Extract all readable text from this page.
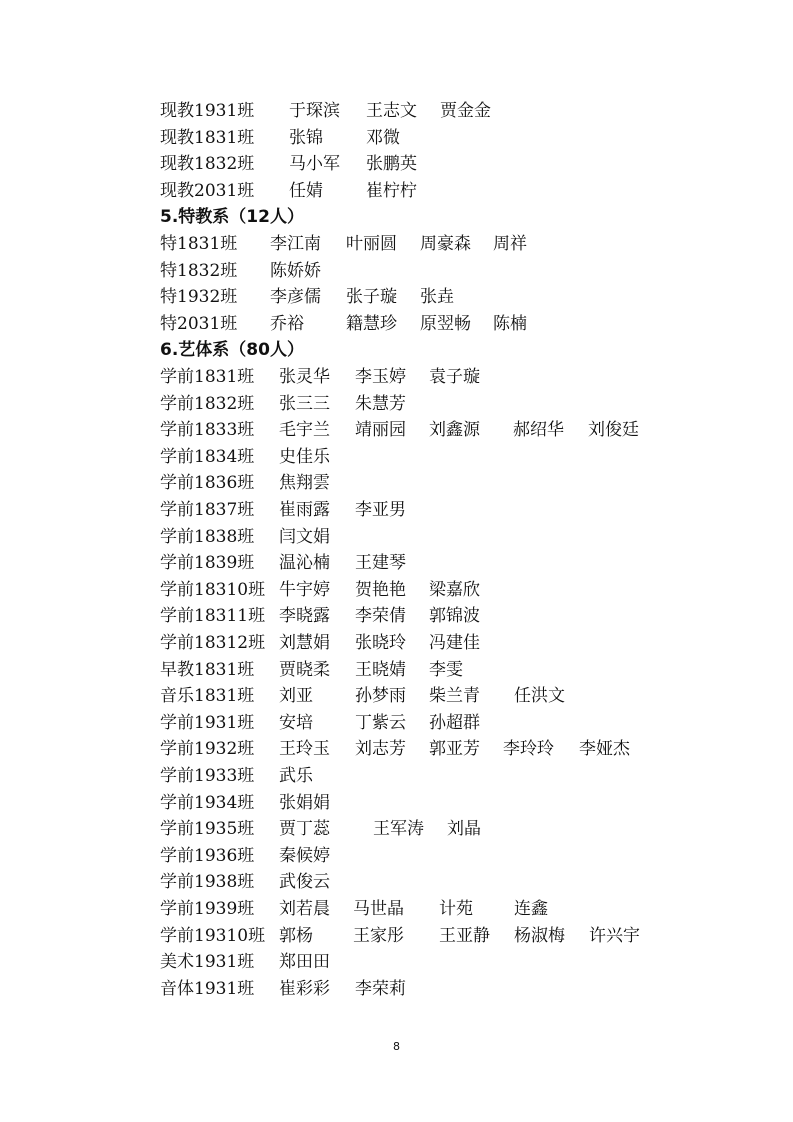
现教1931班 于琛滨 王志文 贾金金
现教1831班 张锦	邓微
现教1832班 马小军 张鹏英
现教2031班 任婧	崔柠柠
5.特教系（12人）
特1831班 李江南 叶丽圆 周豪森 周祥
特1832班 陈娇娇
特1932班 李彦儒 张子璇 张垚
特2031班 乔裕 籍慧珍 原翌畅 陈楠
6.艺体系（80人）
学前1831班 张灵华 李玉婷 袁子璇
学前1832班 张三三 朱慧芳
学前1833班 毛宇兰 靖丽园 刘鑫源 郝绍华 刘俊廷
学前1834班 史佳乐
学前1836班 焦翔雲
学前1837班 崔雨露 李亚男
学前1838班 闫文娟
学前1839班 温沁楠 王建琴
学前18310班 牛宇婷 贺艳艳 梁嘉欣
学前18311班 李晓露 李荣倩 郭锦波
学前18312班 刘慧娟 张晓玲 冯建佳
早教1831班 贾晓柔 王晓婧 李雯
音乐1831班 刘亚 孙梦雨 柴兰青 任洪文
学前1931班 安培 丁紫云 孙超群
学前1932班 王玲玉 刘志芳 郭亚芳 李玲玲 李娅杰
学前1933班 武乐
学前1934班 张娟娟
学前1935班 贾丁蕊	王军涛 刘晶
学前1936班 秦候婷
学前1938班 武俊云
学前1939班 刘若晨 马世晶 计苑 连鑫
学前19310班 郭杨 王家彤 王亚静 杨淑梅 许兴宇
美术1931班 郑田田
音体1931班 崔彩彩 李荣莉
8
